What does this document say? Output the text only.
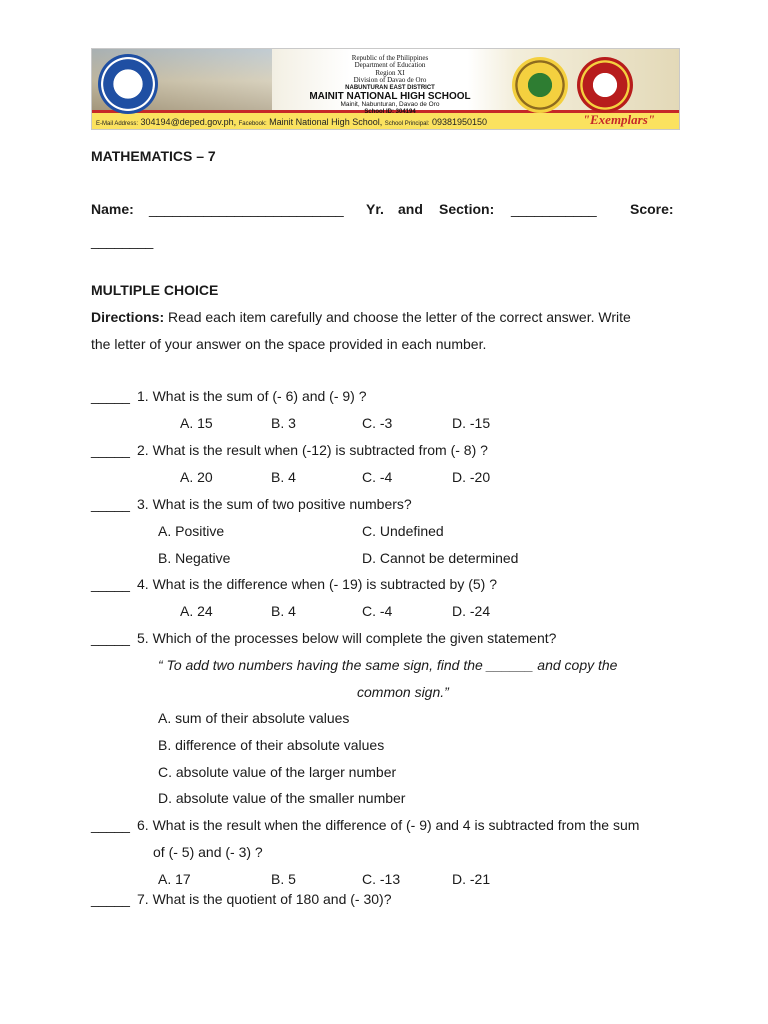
Republic of the Philippines
Department of Education
Region XI
Division of Davao de Oro
NABUNTURAN EAST DISTRICT
MAINIT NATIONAL HIGH SCHOOL
Mainit, Nabunturan, Davao de Oro
School ID: 304194
E-Mail Address: 304194@deped.gov.ph, Facebook: Mainit National High School, School Principal: 09381950150	"Exemplars"
MATHEMATICS – 7
Name: _________________________ Yr. and Section: ___________ Score:
________
MULTIPLE CHOICE
Directions: Read each item carefully and choose the letter of the correct answer. Write
the letter of your answer on the space provided in each number.
_____ 1. What is the sum of (- 6) and (- 9) ?
A. 15	B. 3	C. -3	D. -15
_____ 2. What is the result when (-12) is subtracted from (- 8) ?
A. 20	B. 4	C. -4	D. -20
_____ 3. What is the sum of two positive numbers?
A. Positive	C. Undefined
B. Negative	D. Cannot be determined
_____ 4. What is the difference when (- 19) is subtracted by (5) ?
A. 24	B. 4	C. -4	D. -24
_____ 5. Which of the processes below will complete the given statement?
“ To add two numbers having the same sign, find the ______ and copy the
common sign.”
A. sum of their absolute values
B. difference of their absolute values
C. absolute value of the larger number
D. absolute value of the smaller number
_____ 6. What is the result when the difference of (- 9) and 4 is subtracted from the sum
of (- 5) and (- 3) ?
A. 17	B. 5	C. -13	D. -21
_____ 7. What is the quotient of 180 and (- 30)?
